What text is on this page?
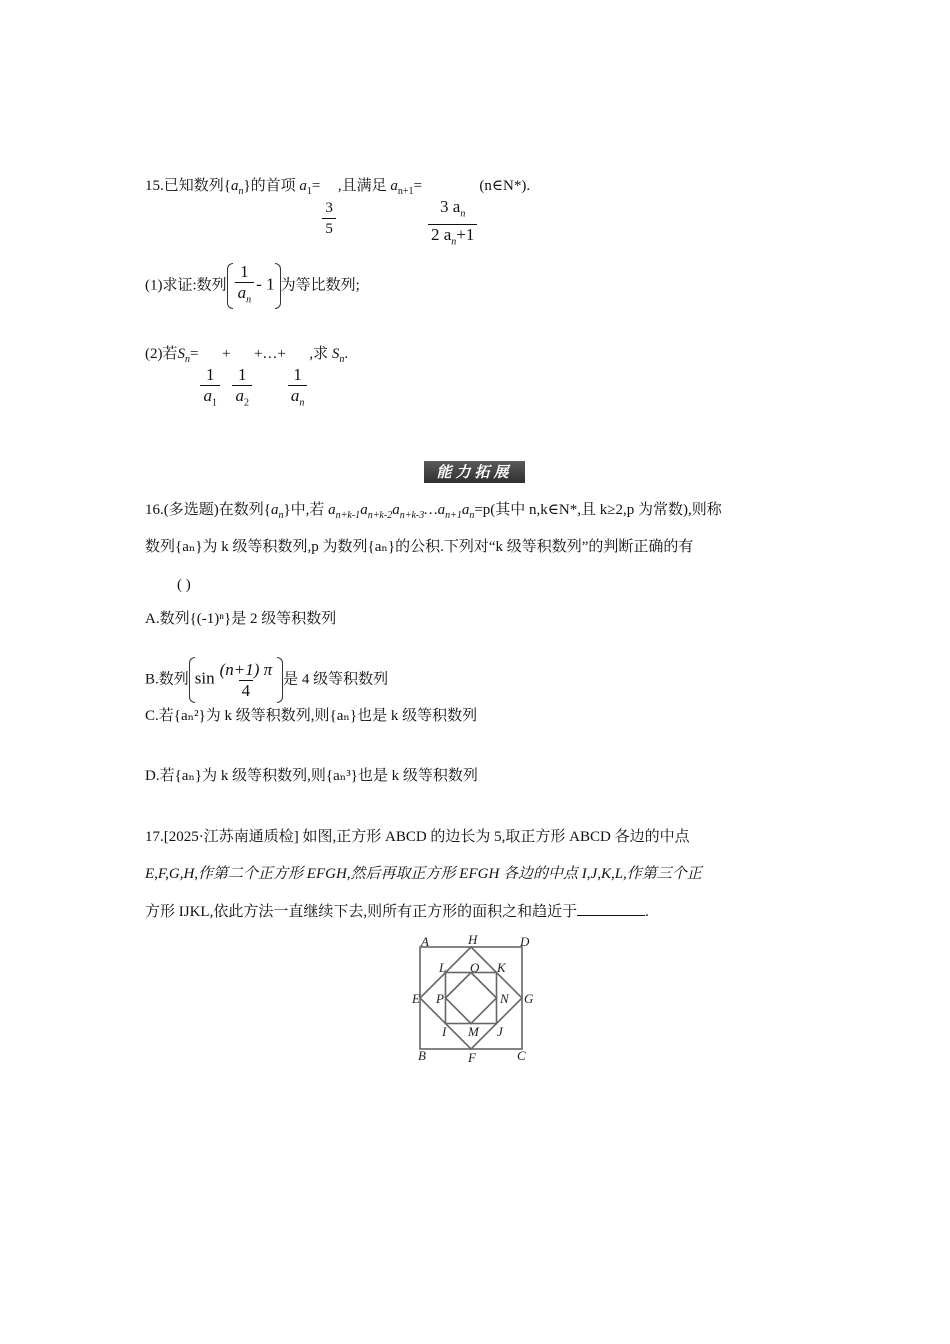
15.已知数列$\{a_n\}$的首项 $a_1=$
$\frac{3}{5}$
,且满足 $a_{n+1}=$
$\frac{3 a_n}{2 a_n+1}$
(n∈N*).
(1)求证:数列 $\frac{1}{a_n} - 1$ 为等比数列;
(2)若$S_n=$
$\frac{1}{a_1}$
+
$\frac{1}{a_2}$
+…+
$\frac{1}{a_n}$
,求 $S_n$.
能力拓展
16.(多选题)在数列$\{a_n\}$中,若 $a_{n+k-1}a_{n+k-2}a_{n+k-3}\dots a_{n+1}a_n=p$(其中 n,k∈N*,且 k≥2,p 为常数),则称
数列{aₙ}为 k 级等积数列,p 为数列{aₙ}的公积.下列对“k 级等积数列”的判断正确的有
( )
A.数列{(-1)ⁿ}是 2 级等积数列
B.数列 $\sin \frac{(n+1) \pi}{4}$ 是 4 级等积数列
C.若{aₙ²}为 k 级等积数列,则{aₙ}也是 k 级等积数列
D.若{aₙ}为 k 级等积数列,则{aₙ³}也是 k 级等积数列
17.[2025·江苏南通质检] 如图,正方形 ABCD 的边长为 5,取正方形 ABCD 各边的中点
E,F,G,H,作第二个正方形 EFGH,然后再取正方形 EFGH 各边的中点 I,J,K,L,作第三个正
方形 IJKL,依此方法一直继续下去,则所有正方形的面积之和趋近于	.
A	H	D
L O K
E P	N G
I M J
B	F	C
